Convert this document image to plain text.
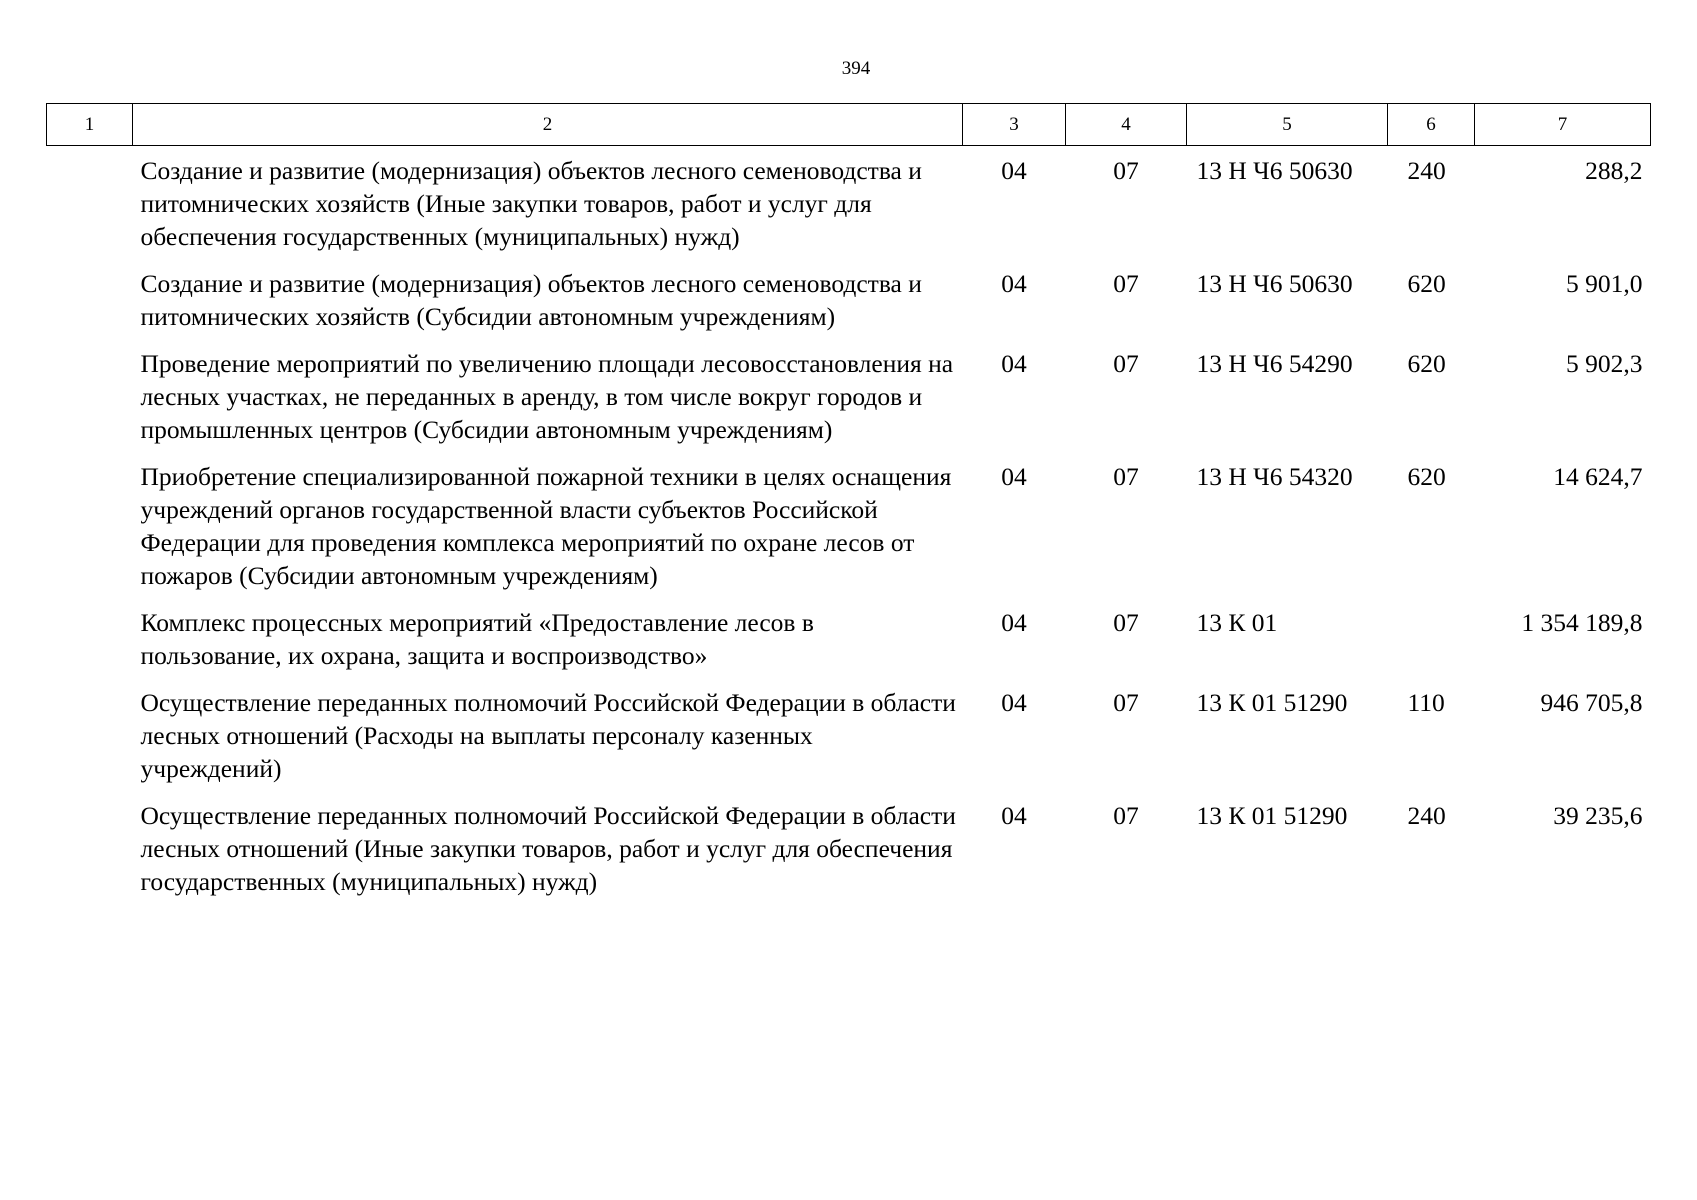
394
1	2	3	4	5	6	7
	Создание и развитие (модернизация) объектов лесного семеноводства и питомнических хозяйств (Иные закупки товаров, работ и услуг для обеспечения государственных (муниципальных) нужд)	04	07	13 Н Ч6 50630	240	288,2
	Создание и развитие (модернизация) объектов лесного семеноводства и питомнических хозяйств (Субсидии автономным учреждениям)	04	07	13 Н Ч6 50630	620	5 901,0
	Проведение мероприятий по увеличению площади лесовосстановления на лесных участках, не переданных в аренду, в том числе вокруг городов и промышленных центров (Субсидии автономным учреждениям)	04	07	13 Н Ч6 54290	620	5 902,3
	Приобретение специализированной пожарной техники в целях оснащения учреждений органов государственной власти субъектов Российской Федерации для проведения комплекса мероприятий по охране лесов от пожаров (Субсидии автономным учреждениям)	04	07	13 Н Ч6 54320	620	14 624,7
	Комплекс процессных мероприятий «Предоставление лесов в пользование, их охрана, защита и воспроизводство»	04	07	13 К 01		1 354 189,8
	Осуществление переданных полномочий Российской Федерации в области лесных отношений (Расходы на выплаты персоналу казенных учреждений)	04	07	13 К 01 51290	110	946 705,8
	Осуществление переданных полномочий Российской Федерации в области лесных отношений (Иные закупки товаров, работ и услуг для обеспечения государственных (муниципальных) нужд)	04	07	13 К 01 51290	240	39 235,6
